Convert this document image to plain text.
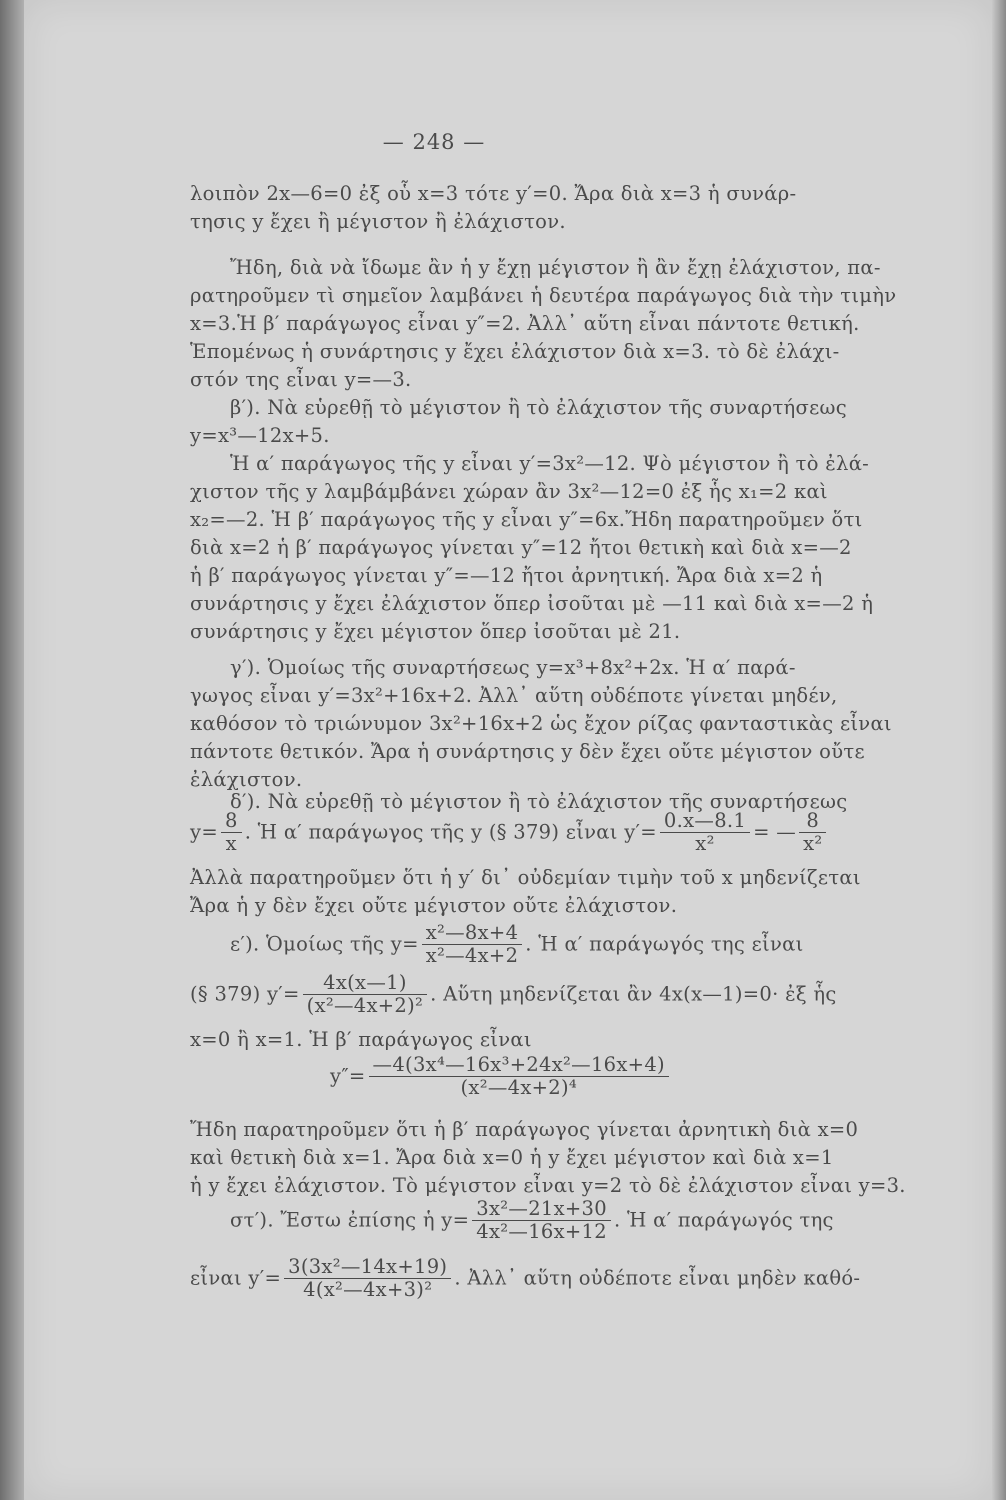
— 248 —
λοιπὸν 2x—6=0 ἐξ οὗ x=3 τότε y′=0. Ἄρα διὰ x=3 ἡ συνάρ-
τησις y ἔχει ἢ μέγιστον ἢ ἐλάχιστον.
Ἤδη, διὰ νὰ ἴδωμε ἂν ἡ y ἔχῃ μέγιστον ἢ ἂν ἔχῃ ἐλάχιστον, πα-
ρατηροῦμεν τὶ σημεῖον λαμβάνει ἡ δευτέρα παράγωγος διὰ τὴν τιμὴν
x=3.Ἡ β′ παράγωγος εἶναι y″=2. Ἀλλ᾽ αὕτη εἶναι πάντοτε θετική.
Ἑπομένως ἡ συνάρτησις y ἔχει ἐλάχιστον διὰ x=3. τὸ δὲ ἐλάχι-
στόν της εἶναι y=—3.
β′). Νὰ εὑρεθῇ τὸ μέγιστον ἢ τὸ ἐλάχιστον τῆς συναρτήσεως
y=x³—12x+5.
Ἡ α′ παράγωγος τῆς y εἶναι y′=3x²—12. Ψὸ μέγιστον ἢ τὸ ἐλά-
χιστον τῆς y λαμβάμβάνει χώραν ἂν 3x²—12=0 ἐξ ἧς x₁=2 καὶ
x₂=—2. Ἡ β′ παράγωγος τῆς y εἶναι y″=6x.Ἤδη παρατηροῦμεν ὅτι
διὰ x=2 ἡ β′ παράγωγος γίνεται y″=12 ἤτοι θετικὴ καὶ διὰ x=—2
ἡ β′ παράγωγος γίνεται y″=—12 ἤτοι ἀρνητική. Ἄρα διὰ x=2 ἡ
συνάρτησις y ἔχει ἐλάχιστον ὅπερ ἰσοῦται μὲ —11 καὶ διὰ x=—2 ἡ
συνάρτησις y ἔχει μέγιστον ὅπερ ἰσοῦται μὲ 21.
γ′). Ὁμοίως τῆς συναρτήσεως y=x³+8x²+2x. Ἡ α′ παρά-
γωγος εἶναι y′=3x²+16x+2. Ἀλλ᾽ αὕτη οὐδέποτε γίνεται μηδέν,
καθόσον τὸ τριώνυμον 3x²+16x+2 ὡς ἔχον ρίζας φανταστικὰς εἶναι
πάντοτε θετικόν. Ἄρα ἡ συνάρτησις y δὲν ἔχει οὔτε μέγιστον οὔτε
ἐλάχιστον.
δ′). Νὰ εὑρεθῇ τὸ μέγιστον ἢ τὸ ἐλάχιστον τῆς συναρτήσεως
$y= \frac{8}{x}$ . Ἡ α′ παράγωγος τῆς y (§ 379) εἶναι $y'= \frac{0.x—8.1}{\text{x²}}$ = — $\frac{8}{\text{x²}}$
Ἀλλὰ παρατηροῦμεν ὅτι ἡ y′ δι᾽ οὐδεμίαν τιμὴν τοῦ x μηδενίζεται
Ἄρα ἡ y δὲν ἔχει οὔτε μέγιστον οὔτε ἐλάχιστον.
ε′). Ὁμοίως τῆς $y= \frac{\text{x²—8x+4}}{\text{x²—4x+2}}$ . Ἡ α′ παράγωγός της εἶναι
(§ 379) $y'= \frac{4x(x—1)}{\text{(x²—4x+2)²}}$ . Αὕτη μηδενίζεται ἂν 4x(x—1)=0· ἐξ ἧς
x=0 ἢ x=1. Ἡ β′ παράγωγος εἶναι
$y''= \frac{\text{—4(3x⁴—16x³+24x²—16x+4)}}{\text{(x²—4x+2)⁴}}$
Ἤδη παρατηροῦμεν ὅτι ἡ β′ παράγωγος γίνεται ἀρνητικὴ διὰ x=0
καὶ θετικὴ διὰ x=1. Ἄρα διὰ x=0 ἡ y ἔχει μέγιστον καὶ διὰ x=1
ἡ y ἔχει ἐλάχιστον. Τὸ μέγιστον εἶναι y=2 τὸ δὲ ἐλάχιστον εἶναι y=3.
στ′). Ἔστω ἐπίσης ἡ $y= \frac{\text{3x²—21x+30}}{\text{4x²—16x+12}}$ . Ἡ α′ παράγωγός της
εἶναι $y'= \frac{\text{3(3x²—14x+19)}}{\text{4(x²—4x+3)²}}$ . Ἀλλ᾽ αὕτη οὐδέποτε εἶναι μηδὲν καθό-
